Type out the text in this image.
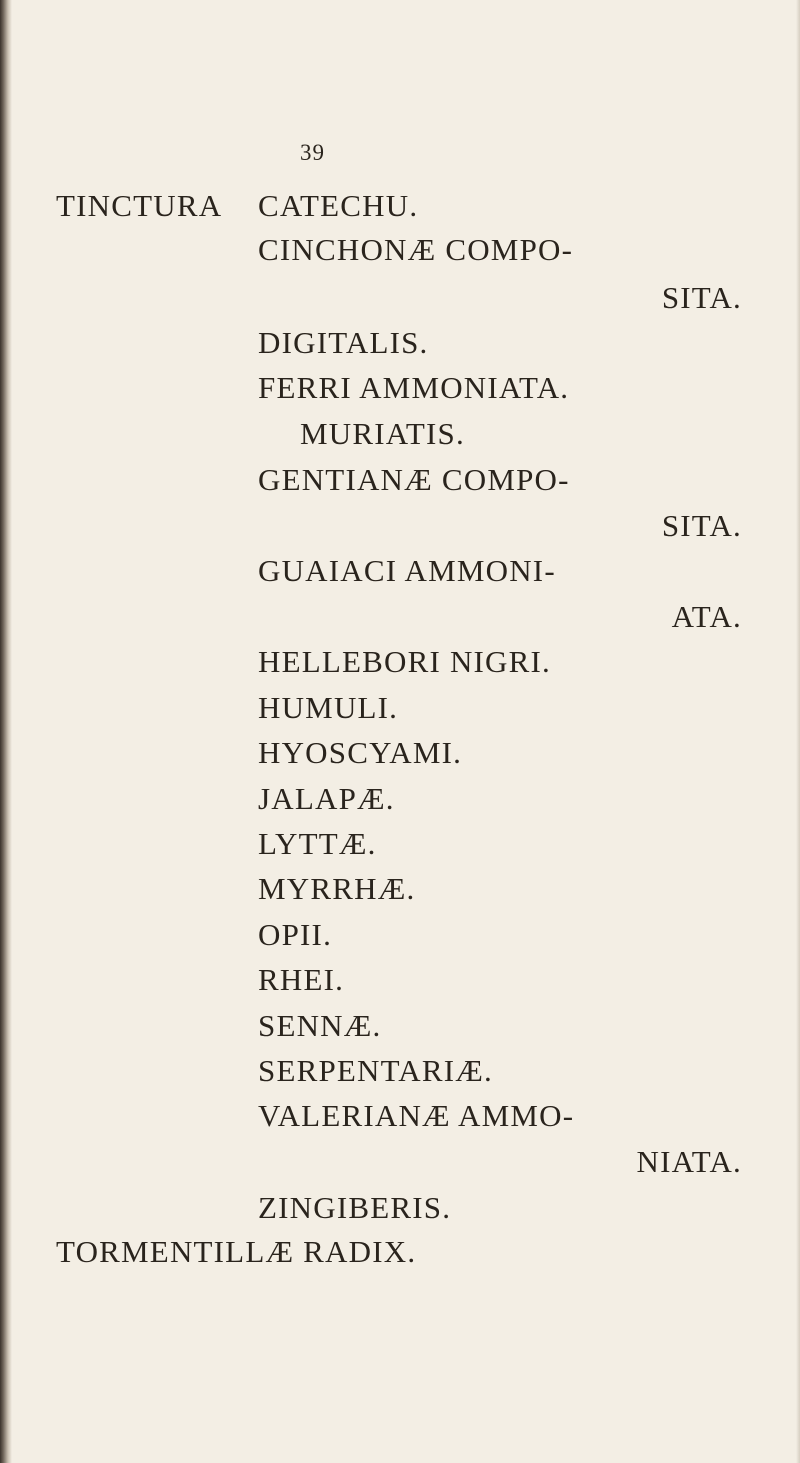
39
TINCTURA CATECHU.
CINCHONÆ COMPO-
SITA.
DIGITALIS.
FERRI AMMONIATA.
MURIATIS.
GENTIANÆ COMPO-
SITA.
GUAIACI AMMONI-
ATA.
HELLEBORI NIGRI.
HUMULI.
HYOSCYAMI.
JALAPÆ.
LYTTÆ.
MYRRHÆ.
OPII.
RHEI.
SENNÆ.
SERPENTARIÆ.
VALERIANÆ AMMO-
NIATA.
ZINGIBERIS.
TORMENTILLÆ RADIX.
